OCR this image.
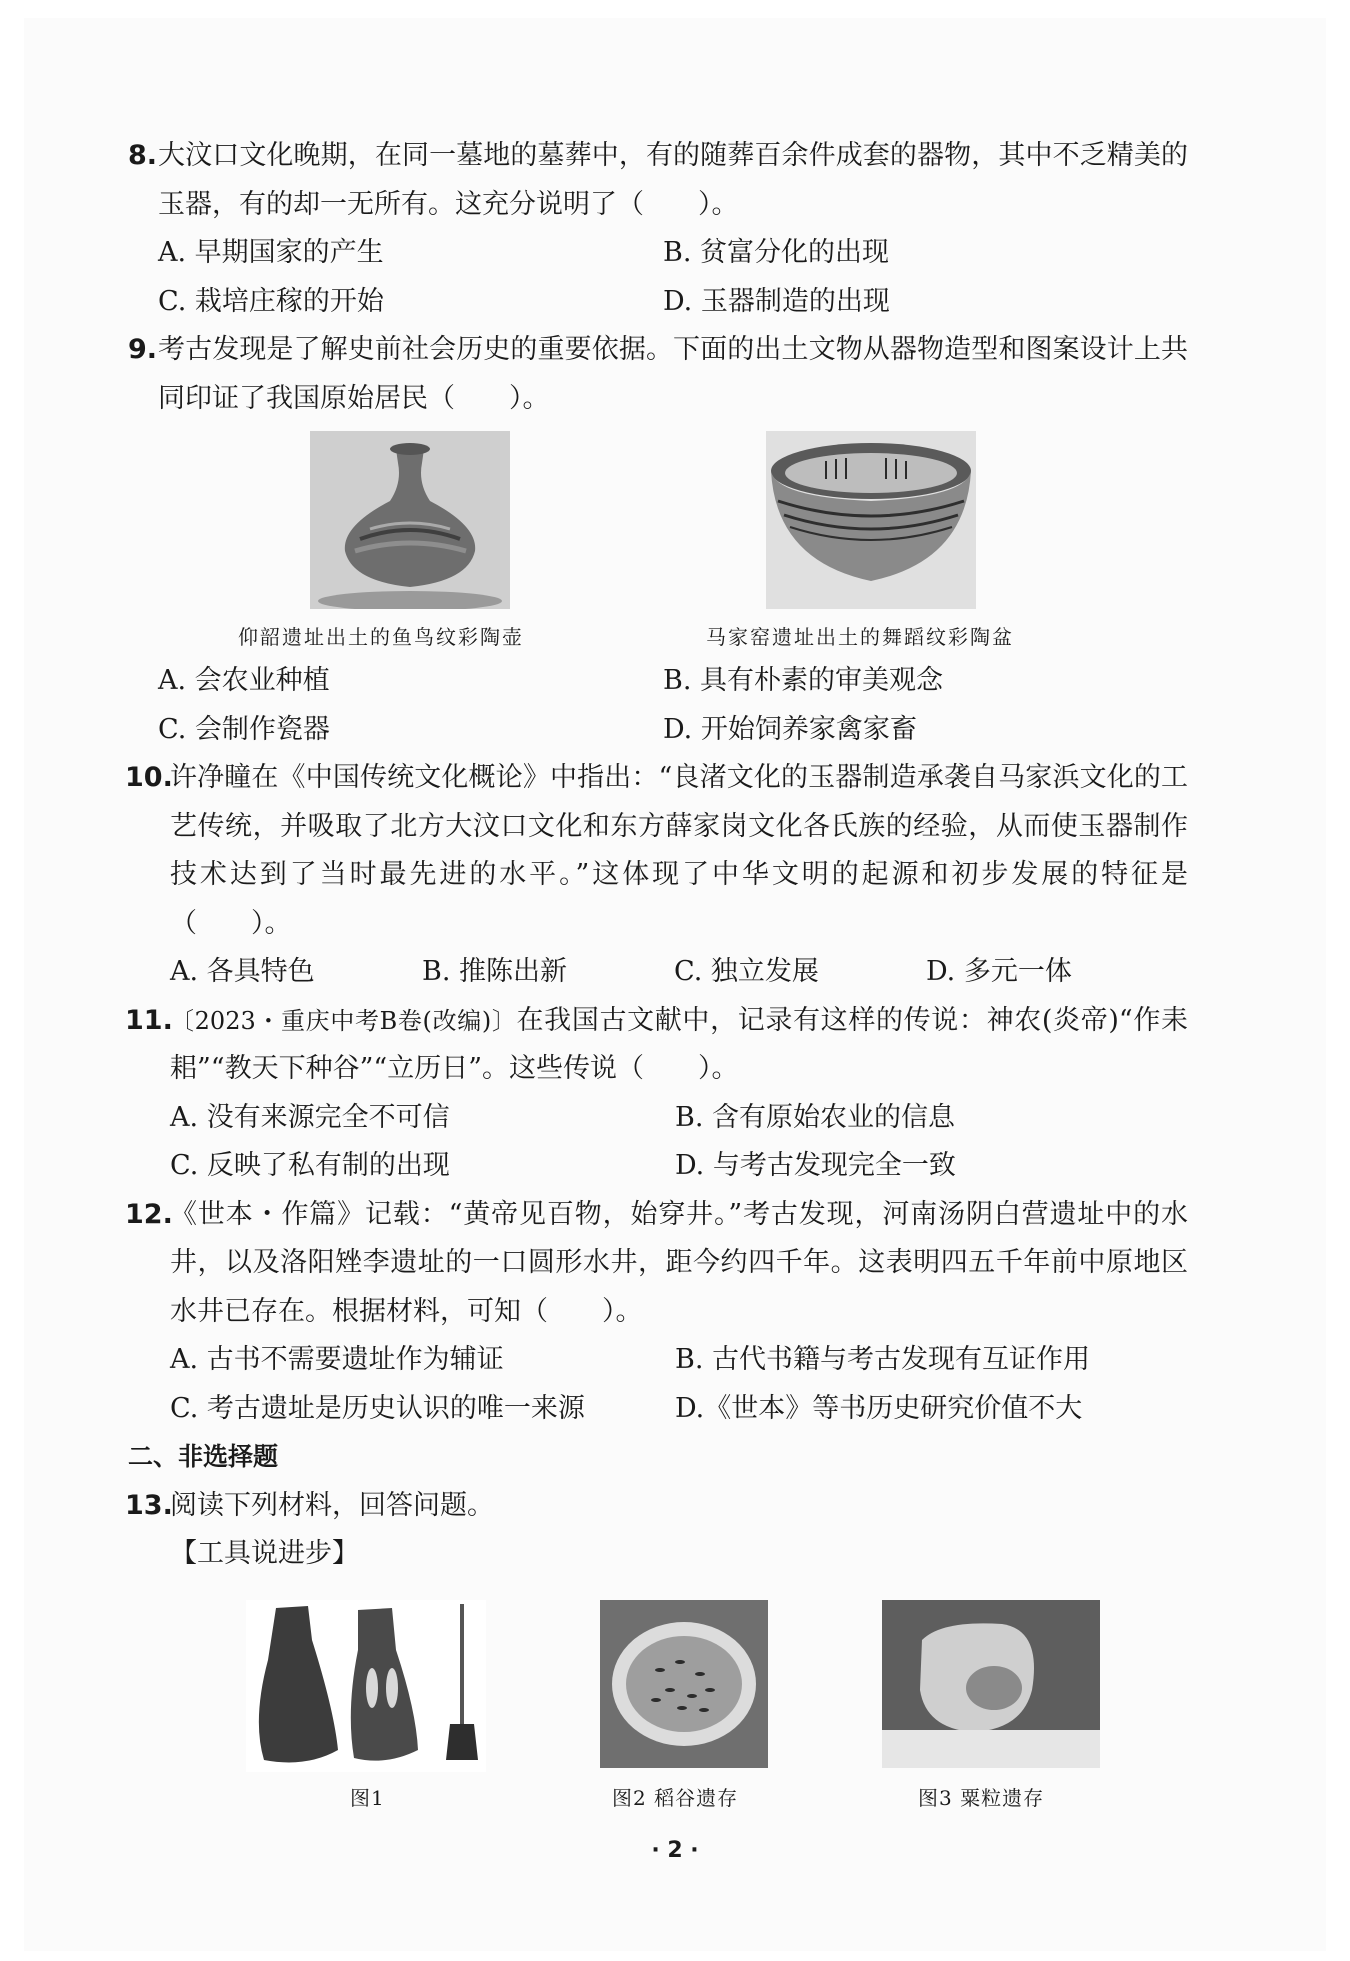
8. 大汶口文化晚期，在同一墓地的墓葬中，有的随葬百余件成套的器物，其中不乏精美的玉器，有的却一无所有。这充分说明了（　　）。
A. 早期国家的产生	B. 贫富分化的出现
C. 栽培庄稼的开始	D. 玉器制造的出现
9. 考古发现是了解史前社会历史的重要依据。下面的出土文物从器物造型和图案设计上共同印证了我国原始居民（　　）。
仰韶遗址出土的鱼鸟纹彩陶壶	马家窑遗址出土的舞蹈纹彩陶盆
A. 会农业种植	B. 具有朴素的审美观念
C. 会制作瓷器	D. 开始饲养家禽家畜
10.
许净瞳在《中国传统文化概论》中指出：“良渚文化的玉器制造承袭自马家浜文化的工艺传统，并吸取了北方大汶口文化和东方薛家岗文化各氏族的经验，从而使玉器制作技术达到了当时最先进的水平。”这体现了中华文明的起源和初步发展的特征是（　　）。
A. 各具特色	B. 推陈出新	C. 独立发展	D. 多元一体
11.
〔2023・重庆中考B卷(改编)〕在我国古文献中，记录有这样的传说：神农(炎帝)“作耒耜”“教天下种谷”“立历日”。这些传说（　　）。
A. 没有来源完全不可信	B. 含有原始农业的信息
C. 反映了私有制的出现	D. 与考古发现完全一致
12.
《世本・作篇》记载：“黄帝见百物，始穿井。”考古发现，河南汤阴白营遗址中的水井，以及洛阳矬李遗址的一口圆形水井，距今约四千年。这表明四五千年前中原地区水井已存在。根据材料，可知（　　）。
A. 古书不需要遗址作为辅证	B. 古代书籍与考古发现有互证作用
C. 考古遗址是历史认识的唯一来源	D.《世本》等书历史研究价值不大
二、非选择题
13.
阅读下列材料，回答问题。
【工具说进步】
图1	图2 稻谷遗存	图3 粟粒遗存
· 2 ·
